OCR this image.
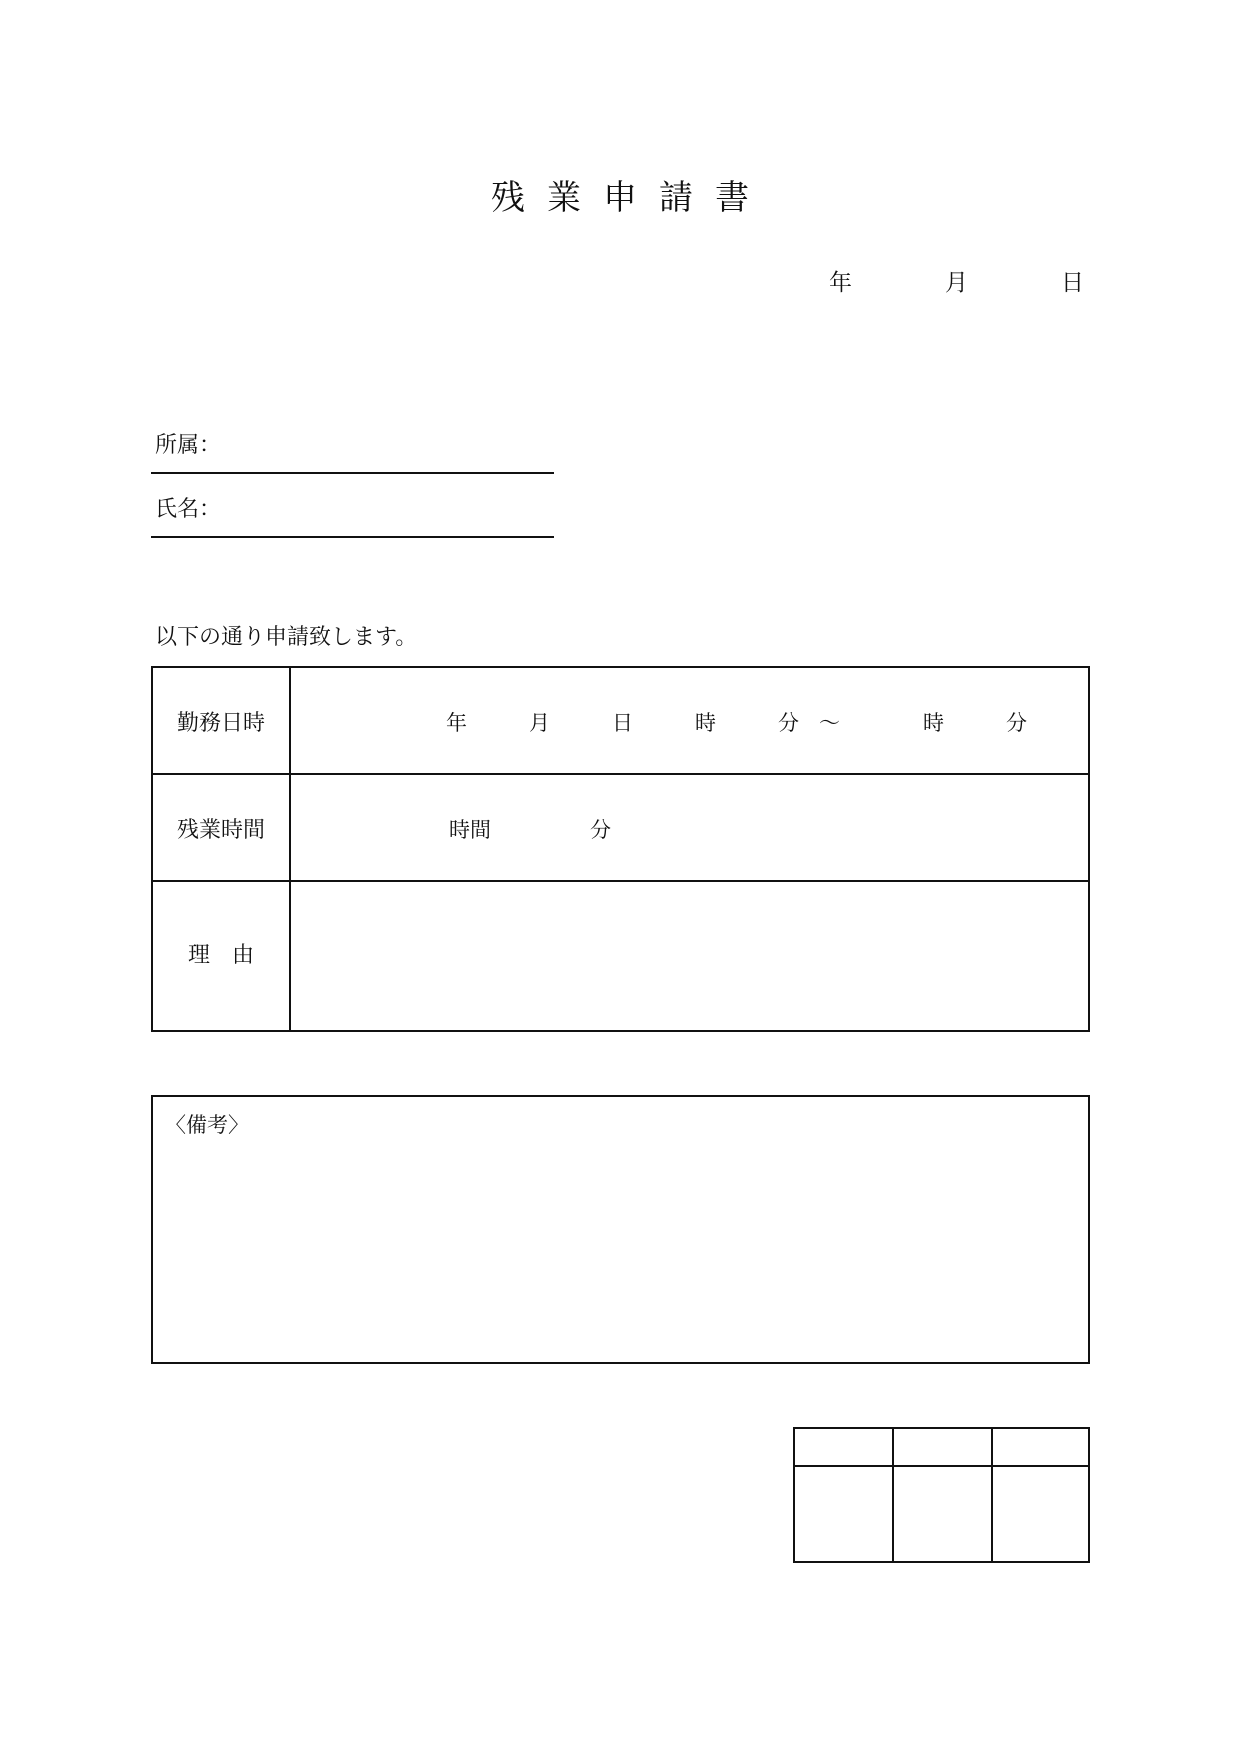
残業申請書
年	月	日
所属：
氏名：
以下の通り申請致します。
勤務日時	年	月	日	時	分 ～	時	分
残業時間	時間	分
理　由
〈備考〉
